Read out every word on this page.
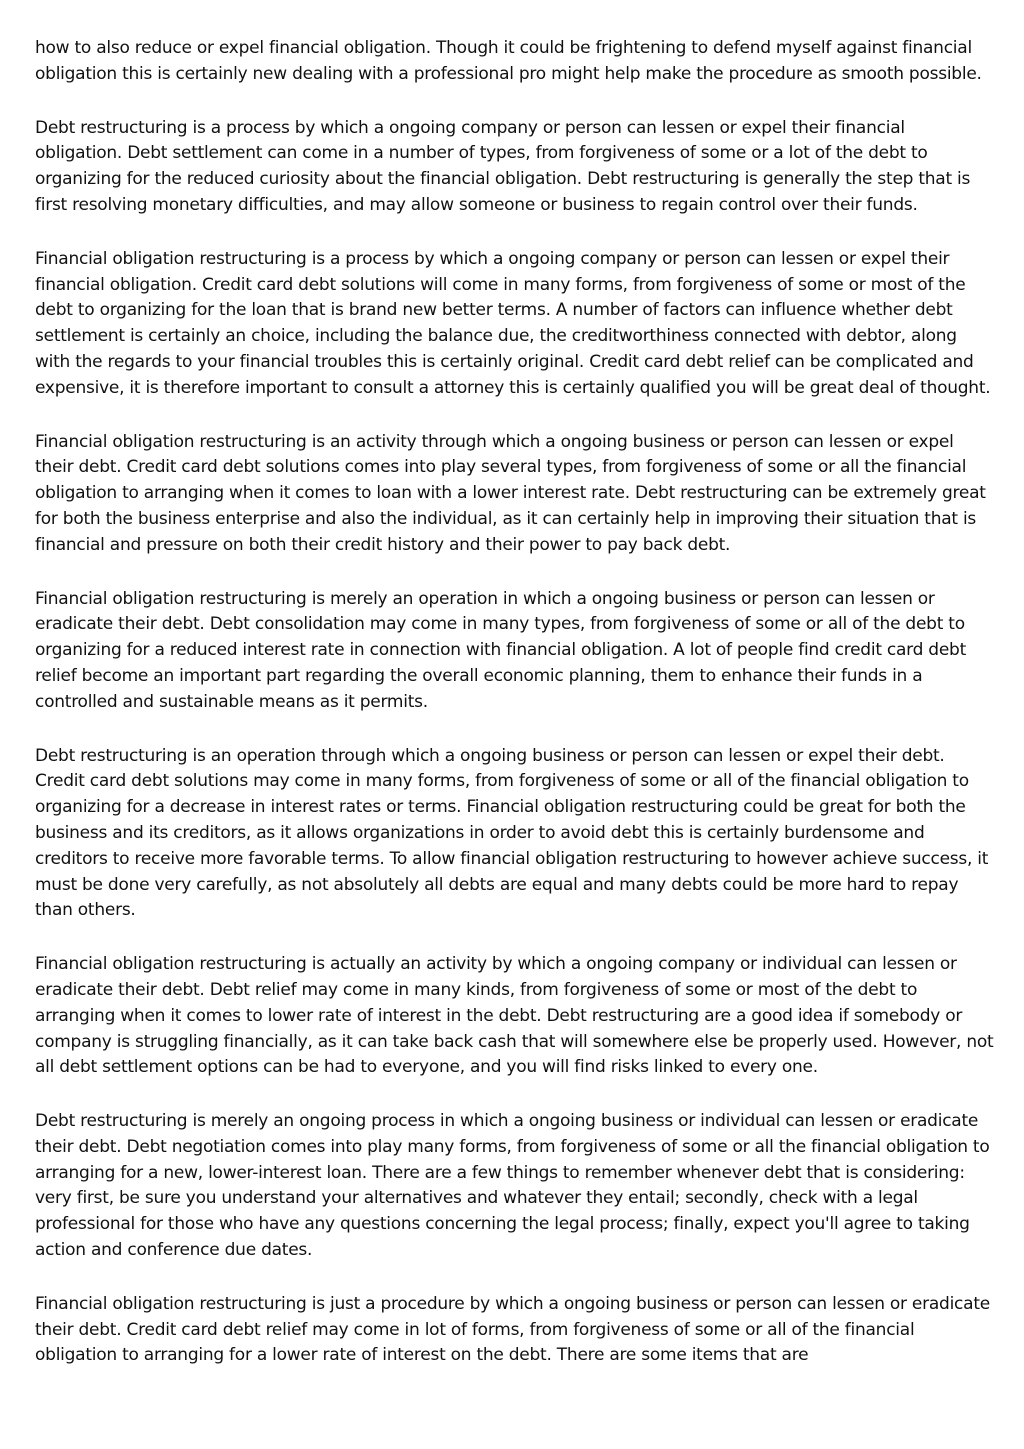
how to also reduce or expel financial obligation. Though it could be frightening to defend myself against financial obligation this is certainly new dealing with a professional pro might help make the procedure as smooth possible.

Debt restructuring is a process by which a ongoing company or person can lessen or expel their financial obligation. Debt settlement can come in a number of types, from forgiveness of some or a lot of the debt to organizing for the reduced curiosity about the financial obligation. Debt restructuring is generally the step that is first resolving monetary difficulties, and may allow someone or business to regain control over their funds.

Financial obligation restructuring is a process by which a ongoing company or person can lessen or expel their financial obligation. Credit card debt solutions will come in many forms, from forgiveness of some or most of the debt to organizing for the loan that is brand new better terms. A number of factors can influence whether debt settlement is certainly an choice, including the balance due, the creditworthiness connected with debtor, along with the regards to your financial troubles this is certainly original. Credit card debt relief can be complicated and expensive, it is therefore important to consult a attorney this is certainly qualified you will be great deal of thought.

Financial obligation restructuring is an activity through which a ongoing business or person can lessen or expel their debt. Credit card debt solutions comes into play several types, from forgiveness of some or all the financial obligation to arranging when it comes to loan with a lower interest rate. Debt restructuring can be extremely great for both the business enterprise and also the individual, as it can certainly help in improving their situation that is financial and pressure on both their credit history and their power to pay back debt.

Financial obligation restructuring is merely an operation in which a ongoing business or person can lessen or eradicate their debt. Debt consolidation may come in many types, from forgiveness of some or all of the debt to organizing for a reduced interest rate in connection with financial obligation. A lot of people find credit card debt relief become an important part regarding the overall economic planning, them to enhance their funds in a controlled and sustainable means as it permits.

Debt restructuring is an operation through which a ongoing business or person can lessen or expel their debt. Credit card debt solutions may come in many forms, from forgiveness of some or all of the financial obligation to organizing for a decrease in interest rates or terms. Financial obligation restructuring could be great for both the business and its creditors, as it allows organizations in order to avoid debt this is certainly burdensome and creditors to receive more favorable terms. To allow financial obligation restructuring to however achieve success, it must be done very carefully, as not absolutely all debts are equal and many debts could be more hard to repay than others.

Financial obligation restructuring is actually an activity by which a ongoing company or individual can lessen or eradicate their debt. Debt relief may come in many kinds, from forgiveness of some or most of the debt to arranging when it comes to lower rate of interest in the debt. Debt restructuring are a good idea if somebody or company is struggling financially, as it can take back cash that will somewhere else be properly used. However, not all debt settlement options can be had to everyone, and you will find risks linked to every one.

Debt restructuring is merely an ongoing process in which a ongoing business or individual can lessen or eradicate their debt. Debt negotiation comes into play many forms, from forgiveness of some or all the financial obligation to arranging for a new, lower-interest loan. There are a few things to remember whenever debt that is considering: very first, be sure you understand your alternatives and whatever they entail; secondly, check with a legal professional for those who have any questions concerning the legal process; finally, expect you'll agree to taking action and conference due dates.

Financial obligation restructuring is just a procedure by which a ongoing business or person can lessen or eradicate their debt. Credit card debt relief may come in lot of forms, from forgiveness of some or all of the financial obligation to arranging for a lower rate of interest on the debt. There are some items that are
